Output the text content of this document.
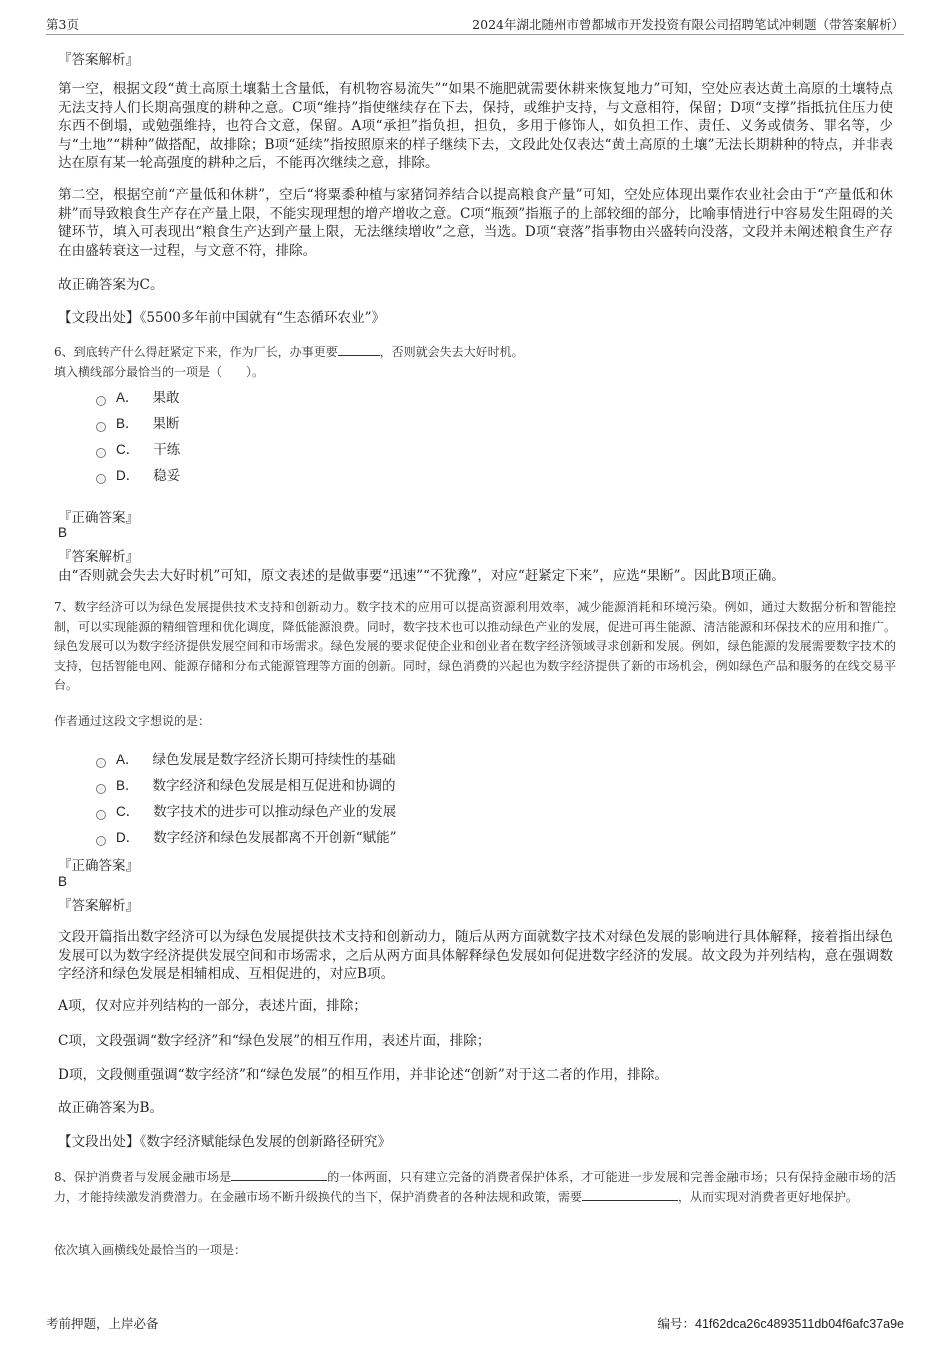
第3页	2024年湖北随州市曾都城市开发投资有限公司招聘笔试冲刺题（带答案解析）
『答案解析』
第一空，根据文段“黄土高原土壤黏土含量低，有机物容易流失”“如果不施肥就需要休耕来恢复地力”可知，空处应表达黄土高原的土壤特点无法支持人们长期高强度的耕种之意。C项“维持”指使继续存在下去，保持，或维护支持，与文意相符，保留；D项“支撑”指抵抗住压力使东西不倒塌，或勉强维持，也符合文意，保留。A项“承担”指负担，担负，多用于修饰人，如负担工作、责任、义务或债务、罪名等，少与“土地”“耕种”做搭配，故排除；B项“延续”指按照原来的样子继续下去，文段此处仅表达“黄土高原的土壤”无法长期耕种的特点，并非表达在原有某一轮高强度的耕种之后，不能再次继续之意，排除。
第二空，根据空前“产量低和休耕”，空后“将粟黍种植与家猪饲养结合以提高粮食产量”可知，空处应体现出粟作农业社会由于“产量低和休耕”而导致粮食生产存在产量上限，不能实现理想的增产增收之意。C项“瓶颈”指瓶子的上部较细的部分，比喻事情进行中容易发生阻碍的关键环节，填入可表现出“粮食生产达到产量上限，无法继续增收”之意，当选。D项“衰落”指事物由兴盛转向没落，文段并未阐述粮食生产存在由盛转衰这一过程，与文意不符，排除。
故正确答案为C。
【文段出处】《5500多年前中国就有“生态循环农业”》
6、到底转产什么得赶紧定下来，作为厂长，办事更要	，否则就会失去大好时机。
填入横线部分最恰当的一项是（　　）。
A． 果敢
B． 果断
C． 干练
D． 稳妥
『正确答案』
B
『答案解析』
由“否则就会失去大好时机”可知，原文表述的是做事要“迅速”“不犹豫”，对应“赶紧定下来”，应选“果断”。因此B项正确。
7、数字经济可以为绿色发展提供技术支持和创新动力。数字技术的应用可以提高资源利用效率，减少能源消耗和环境污染。例如，通过大数据分析和智能控制，可以实现能源的精细管理和优化调度，降低能源浪费。同时，数字技术也可以推动绿色产业的发展，促进可再生能源、清洁能源和环保技术的应用和推广。绿色发展可以为数字经济提供发展空间和市场需求。绿色发展的要求促使企业和创业者在数字经济领域寻求创新和发展。例如，绿色能源的发展需要数字技术的支持，包括智能电网、能源存储和分布式能源管理等方面的创新。同时，绿色消费的兴起也为数字经济提供了新的市场机会，例如绿色产品和服务的在线交易平台。
作者通过这段文字想说的是：
A． 绿色发展是数字经济长期可持续性的基础
B． 数字经济和绿色发展是相互促进和协调的
C． 数字技术的进步可以推动绿色产业的发展
D． 数字经济和绿色发展都离不开创新“赋能”
『正确答案』
B
『答案解析』
文段开篇指出数字经济可以为绿色发展提供技术支持和创新动力，随后从两方面就数字技术对绿色发展的影响进行具体解释，接着指出绿色发展可以为数字经济提供发展空间和市场需求，之后从两方面具体解释绿色发展如何促进数字经济的发展。故文段为并列结构，意在强调数字经济和绿色发展是相辅相成、互相促进的，对应B项。
A项，仅对应并列结构的一部分，表述片面，排除；
C项，文段强调“数字经济”和“绿色发展”的相互作用，表述片面，排除；
D项，文段侧重强调“数字经济”和“绿色发展”的相互作用，并非论述“创新”对于这二者的作用，排除。
故正确答案为B。
【文段出处】《数字经济赋能绿色发展的创新路径研究》
8、保护消费者与发展金融市场是	的一体两面，只有建立完备的消费者保护体系，才可能进一步发展和完善金融市场；只有保持金融市场的活力，才能持续激发消费潜力。在金融市场不断升级换代的当下，保护消费者的各种法规和政策，需要	，从而实现对消费者更好地保护。
依次填入画横线处最恰当的一项是：
考前押题，上岸必备	编号：41f62dca26c4893511db04f6afc37a9e
